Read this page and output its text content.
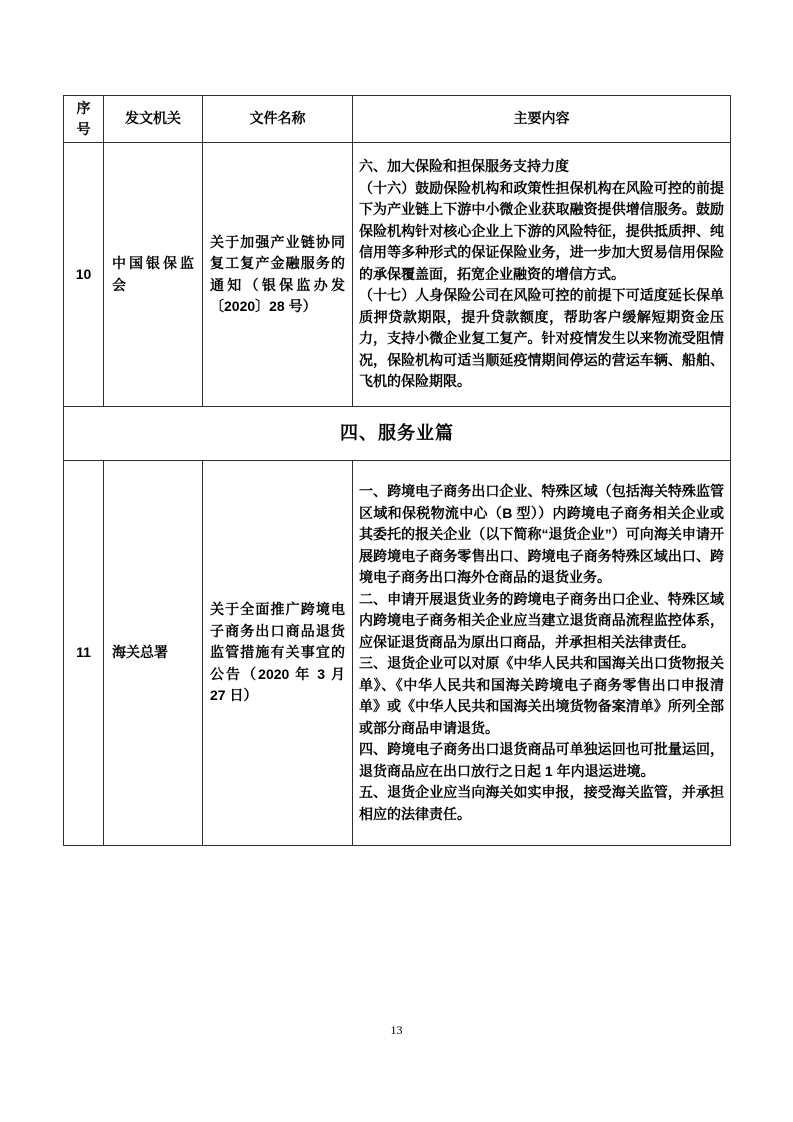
序号	发文机关	文件名称	主要内容
10	中国银保监会	关于加强产业链协同复工复产金融服务的通知（银保监办发〔2020〕28 号）	六、加大保险和担保服务支持力度

（十六）鼓励保险机构和政策性担保机构在风险可控的前提下为产业链上下游中小微企业获取融资提供增信服务。鼓励保险机构针对核心企业上下游的风险特征，提供抵质押、纯信用等多种形式的保证保险业务，进一步加大贸易信用保险的承保覆盖面，拓宽企业融资的增信方式。

（十七）人身保险公司在风险可控的前提下可适度延长保单质押贷款期限，提升贷款额度，帮助客户缓解短期资金压力，支持小微企业复工复产。针对疫情发生以来物流受阻情况，保险机构可适当顺延疫情期间停运的营运车辆、船舶、飞机的保险期限。

四、服务业篇			
11	海关总署	关于全面推广跨境电子商务出口商品退货监管措施有关事宜的公告（2020 年 3 月 27 日）	一、跨境电子商务出口企业、特殊区域（包括海关特殊监管区域和保税物流中心（B 型））内跨境电子商务相关企业或其委托的报关企业（以下简称“退货企业”）可向海关申请开展跨境电子商务零售出口、跨境电子商务特殊区域出口、跨境电子商务出口海外仓商品的退货业务。

二、申请开展退货业务的跨境电子商务出口企业、特殊区域内跨境电子商务相关企业应当建立退货商品流程监控体系，应保证退货商品为原出口商品，并承担相关法律责任。

三、退货企业可以对原《中华人民共和国海关出口货物报关单》、《中华人民共和国海关跨境电子商务零售出口申报清单》或《中华人民共和国海关出境货物备案清单》所列全部或部分商品申请退货。

四、跨境电子商务出口退货商品可单独运回也可批量运回，退货商品应在出口放行之日起 1 年内退运进境。

五、退货企业应当向海关如实申报，接受海关监管，并承担相应的法律责任。

13
